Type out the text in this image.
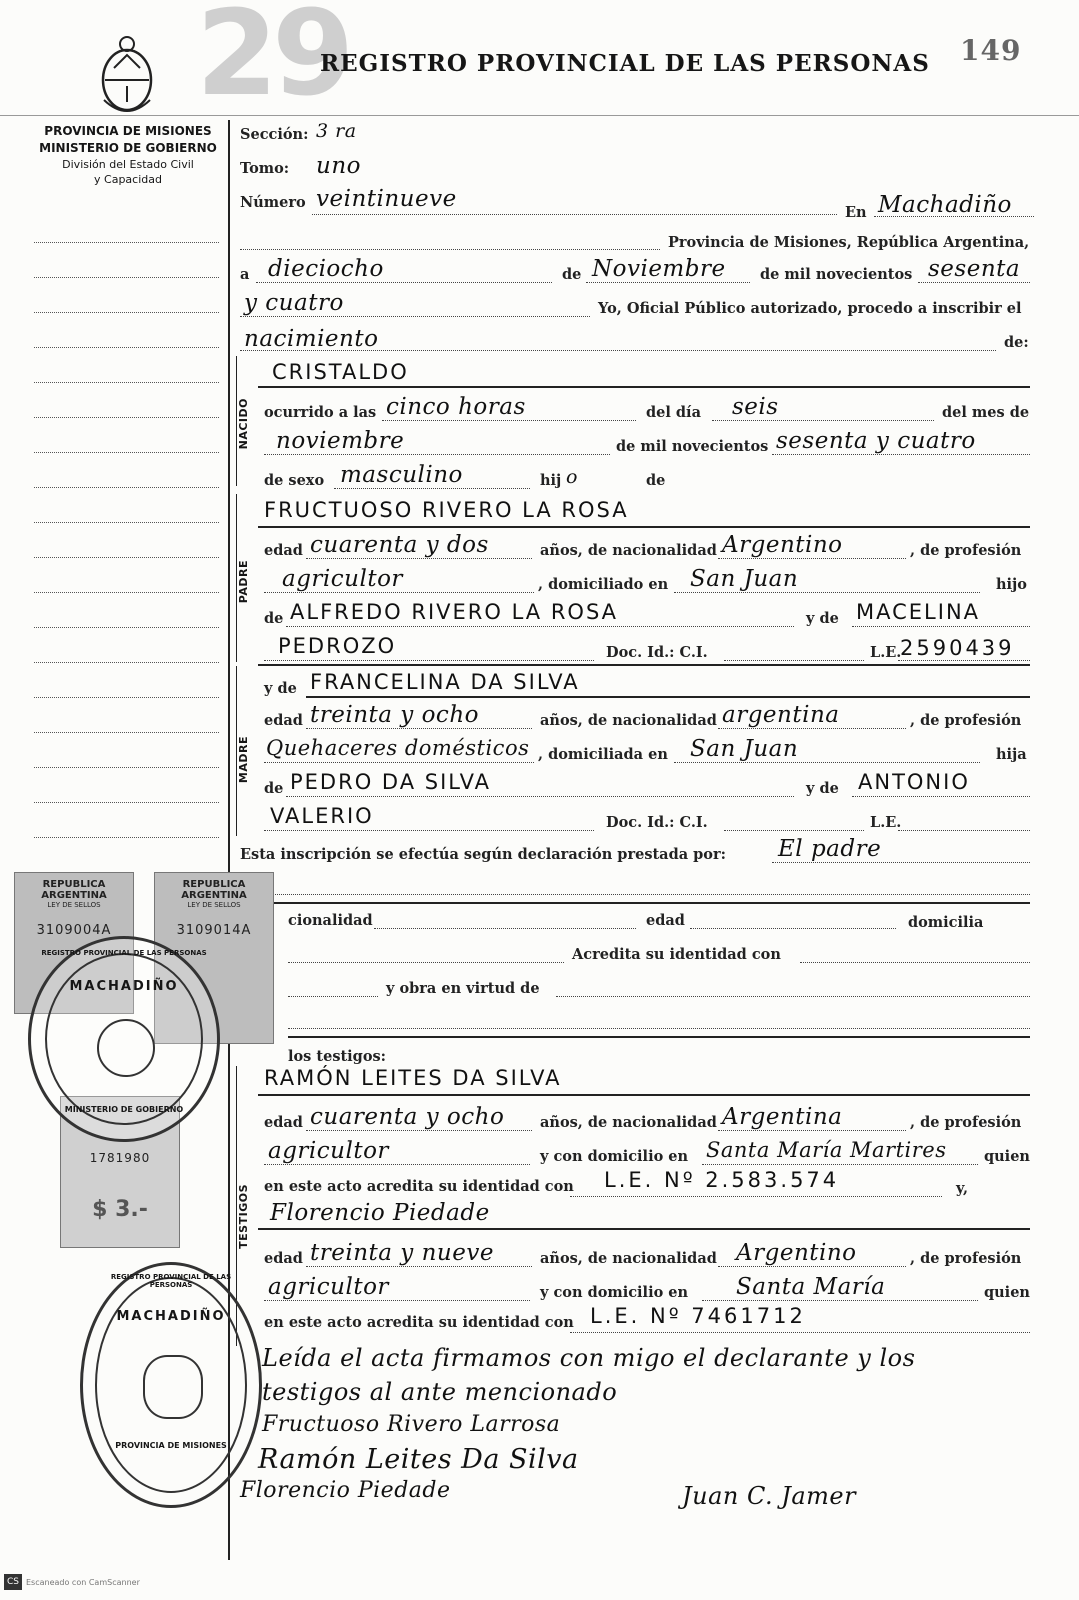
29
REGISTRO PROVINCIAL DE LAS PERSONAS 149
PROVINCIA DE MISIONES
MINISTERIO DE GOBIERNO
División del Estado Civil
y Capacidad
Sección: 3 ra
Tomo: uno
Número veintinueve
En Machadiño
Provincia de Misiones, República Argentina,
a dieciocho	de Noviembre de mil novecientos sesenta
y cuatro	Yo, Oficial Público autorizado, procedo a inscribir el
nacimiento	de:
NACIDO
CRISTALDO
ocurrido a las cinco horas	del día seis	del mes de
noviembre	de mil novecientos sesenta y cuatro
de sexo masculino	hij o	de
PADRE
FRUCTUOSO RIVERO LA ROSA
edad cuarenta y dos	años, de nacionalidad Argentino	, de profesión
agricultor	, domiciliado en San Juan	hijo
de ALFREDO RIVERO LA ROSA	y de MACELINA
PEDROZO	Doc. Id.: C.I.	L.E.
2590439
MADRE
y de FRANCELINA DA SILVA
edad treinta y ocho	años, de nacionalidad argentina	, de profesión
Quehaceres domésticos , domiciliada en San Juan	hija
de PEDRO DA SILVA	y de ANTONIO
VALERIO	Doc. Id.: C.I.	L.E.
Esta inscripción se efectúa según declaración prestada por: El padre
cionalidad	edad	domicilia
Acredita su identidad con
y obra en virtud de
los testigos:
TESTIGOS
RAMÓN LEITES DA SILVA
edad cuarenta y ocho años, de nacionalidad Argentina	, de profesión
agricultor	y con domicilio en Santa María Martires	quien
en este acto acredita su identidad con L.E. Nº 2.583.574	y,
Florencio Piedade
edad treinta y nueve	años, de nacionalidad Argentino	, de profesión
agricultor	y con domicilio en Santa María	quien
en este acto acredita su identidad con L.E. Nº 7461712
Leída el acta firmamos con migo el declarante y los
testigos al ante mencionado
Fructuoso Rivero Larrosa
Ramón Leites Da Silva
Florencio Piedade	Juan C. Jamer
REPUBLICA ARGENTINA
LEY DE SELLOS
3109004A
REPUBLICA ARGENTINA
LEY DE SELLOS
3109014A
1781980
$ 3.-
REGISTRO PROVINCIAL DE LAS PERSONAS
MACHADIÑO
MINISTERIO DE GOBIERNO
REGISTRO PROVINCIAL DE LAS PERSONAS
MACHADIÑO
PROVINCIA DE MISIONES
CS Escaneado con CamScanner
